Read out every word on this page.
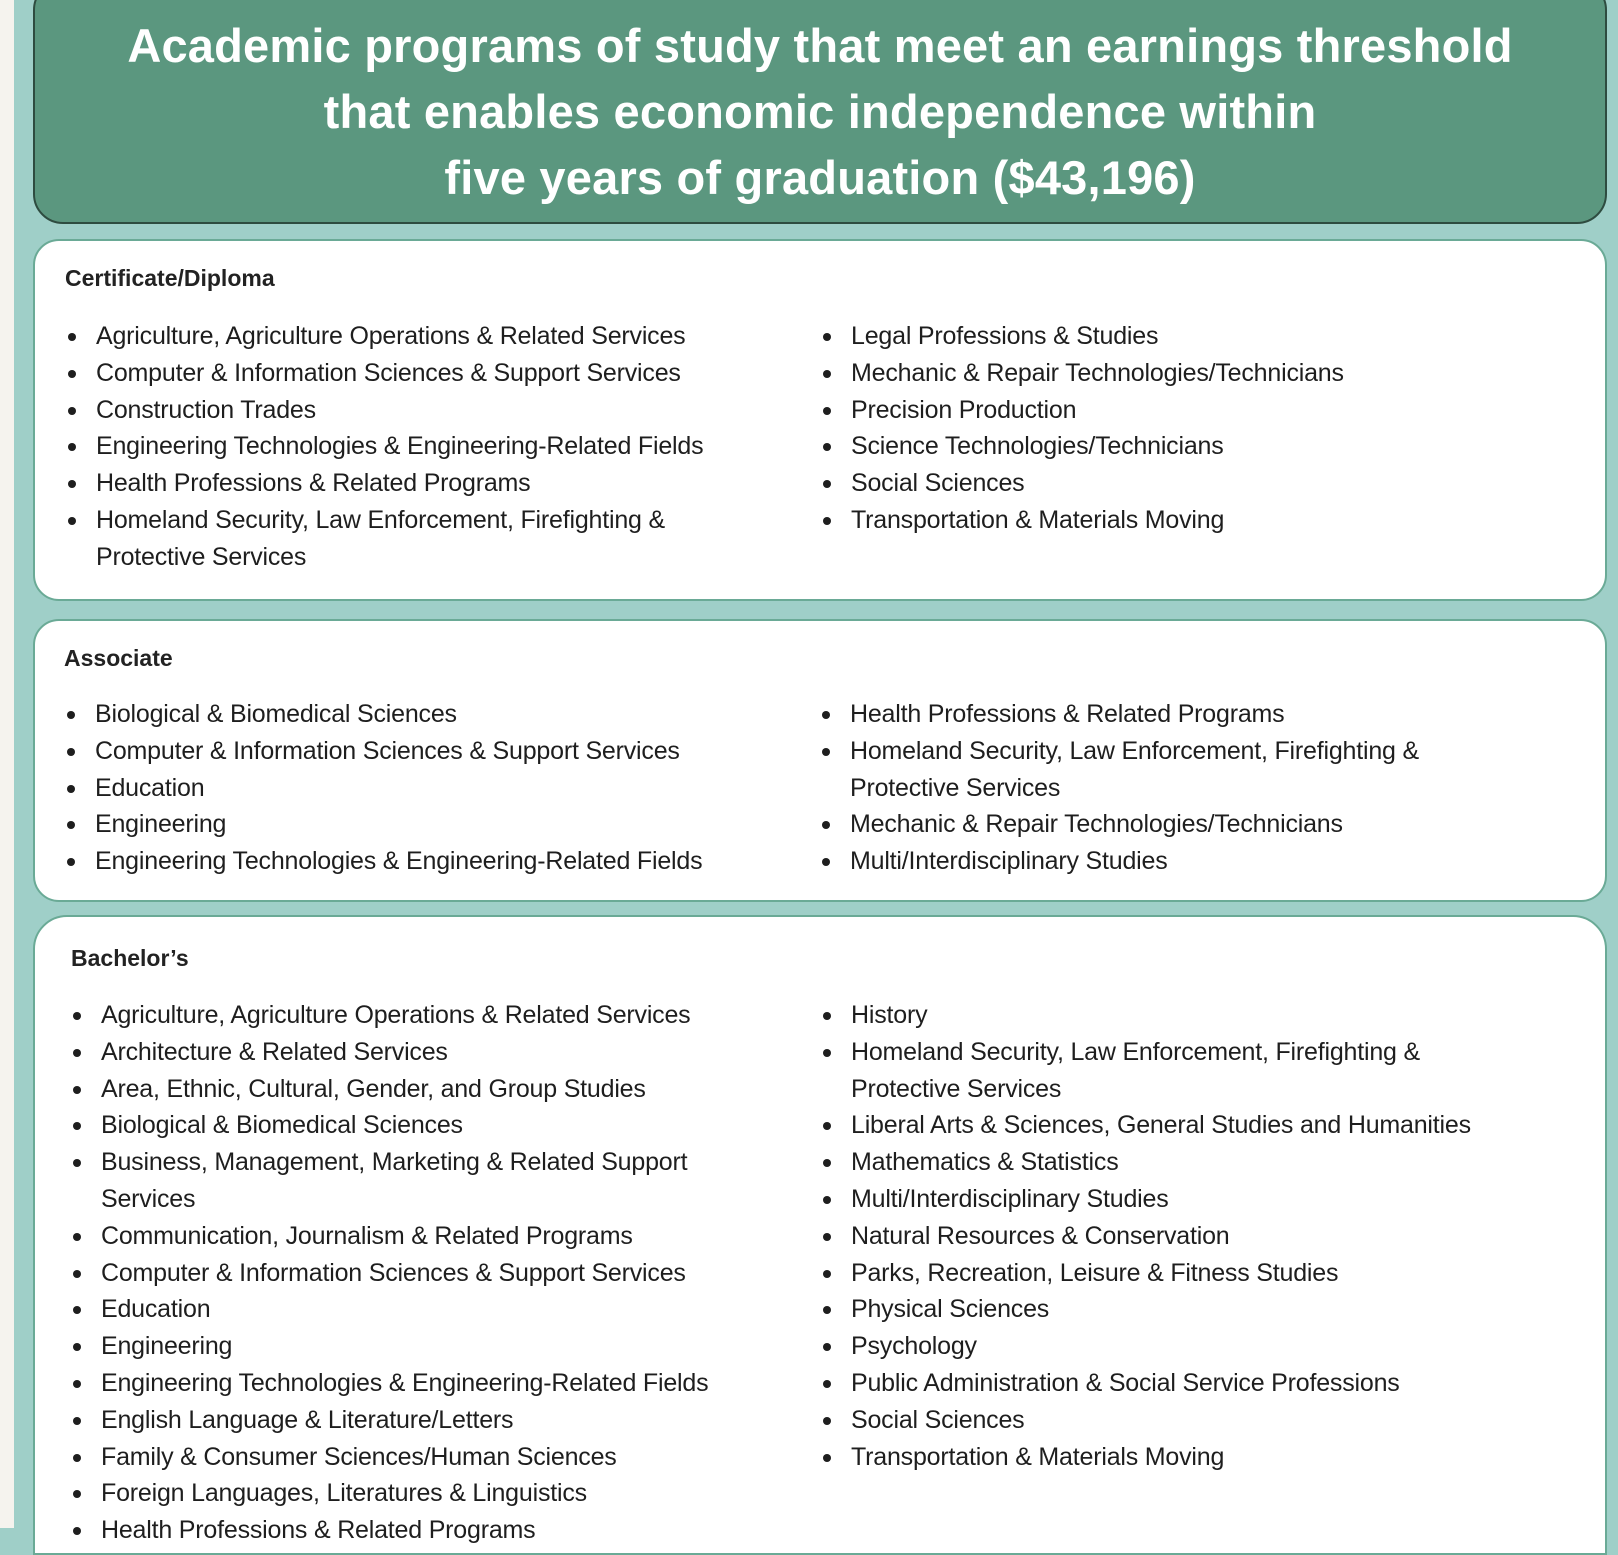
Academic programs of study that meet an earnings threshold
that enables economic independence within
five years of graduation ($43,196)
Certificate/Diploma
Agriculture, Agriculture Operations & Related Services
Computer & Information Sciences & Support Services
Construction Trades
Engineering Technologies & Engineering-Related Fields
Health Professions & Related Programs
Homeland Security, Law Enforcement, Firefighting & Protective Services
Legal Professions & Studies
Mechanic & Repair Technologies/Technicians
Precision Production
Science Technologies/Technicians
Social Sciences
Transportation & Materials Moving
Associate
Biological & Biomedical Sciences
Computer & Information Sciences & Support Services
Education
Engineering
Engineering Technologies & Engineering-Related Fields
Health Professions & Related Programs
Homeland Security, Law Enforcement, Firefighting & Protective Services
Mechanic & Repair Technologies/Technicians
Multi/Interdisciplinary Studies
Bachelor’s
Agriculture, Agriculture Operations & Related Services
Architecture & Related Services
Area, Ethnic, Cultural, Gender, and Group Studies
Biological & Biomedical Sciences
Business, Management, Marketing & Related Support Services
Communication, Journalism & Related Programs
Computer & Information Sciences & Support Services
Education
Engineering
Engineering Technologies & Engineering-Related Fields
English Language & Literature/Letters
Family & Consumer Sciences/Human Sciences
Foreign Languages, Literatures & Linguistics
Health Professions & Related Programs
History
Homeland Security, Law Enforcement, Firefighting & Protective Services
Liberal Arts & Sciences, General Studies and Humanities
Mathematics & Statistics
Multi/Interdisciplinary Studies
Natural Resources & Conservation
Parks, Recreation, Leisure & Fitness Studies
Physical Sciences
Psychology
Public Administration & Social Service Professions
Social Sciences
Transportation & Materials Moving
